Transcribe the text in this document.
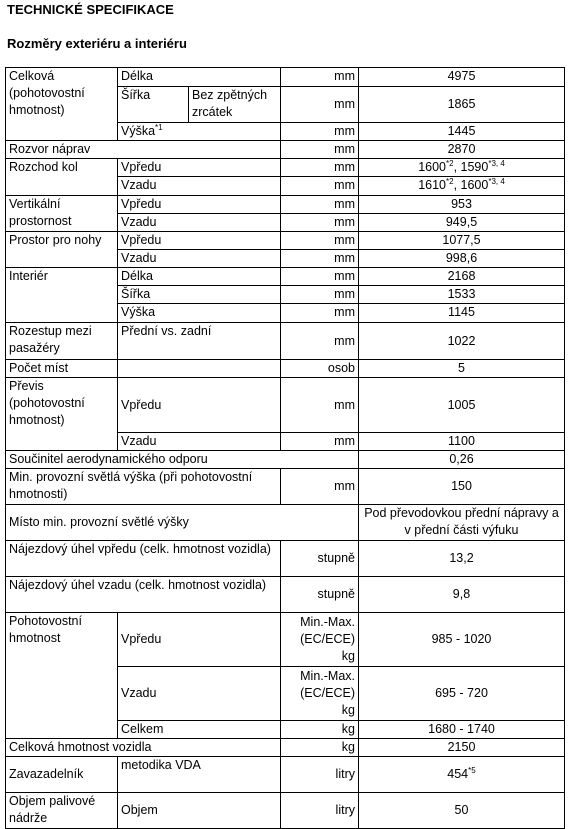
TECHNICKÉ SPECIFIKACE
Rozměry exteriéru a interiéru
Celková (pohotovostní hmotnost)	Délka		mm	4975
	Šířka	Bez zpětných zrcátek	mm	1865
	Výška$^{*1}$		mm	1445
Rozvor náprav			mm	2870
Rozchod kol	Vpředu		mm	1600$^{*2}$, 1590$^{*3, 4}$
	Vzadu		mm	1610$^{*2}$, 1600$^{*3, 4}$
Vertikální prostornost	Vpředu		mm	953
	Vzadu		mm	949,5
Prostor pro nohy	Vpředu		mm	1077,5
	Vzadu		mm	998,6
Interiér	Délka		mm	2168
	Šířka		mm	1533
	Výška		mm	1145
Rozestup mezi pasažéry	Přední vs. zadní		mm	1022
Počet míst			osob	5
Převis (pohotovostní hmotnost)	Vpředu		mm	1005
	Vzadu		mm	1100
Součinitel aerodynamického odporu				0,26
Min. provozní světlá výška (při pohotovostní hmotnosti)			mm	150
Místo min. provozní světlé výšky				Pod převodovkou přední nápravy a v přední části výfuku
Nájezdový úhel vpředu (celk. hmotnost vozidla)			stupně	13,2
Nájezdový úhel vzadu (celk. hmotnost vozidla)			stupně	9,8
Pohotovostní hmotnost	Vpředu		Min.-Max. (EC/ECE) kg	985 - 1020
	Vzadu		Min.-Max. (EC/ECE) kg	695 - 720
	Celkem		kg	1680 - 1740
Celková hmotnost vozidla			kg	2150
Zavazadelník	metodika VDA		litry	454$^{*5}$
Objem palivové nádrže	Objem		litry	50
